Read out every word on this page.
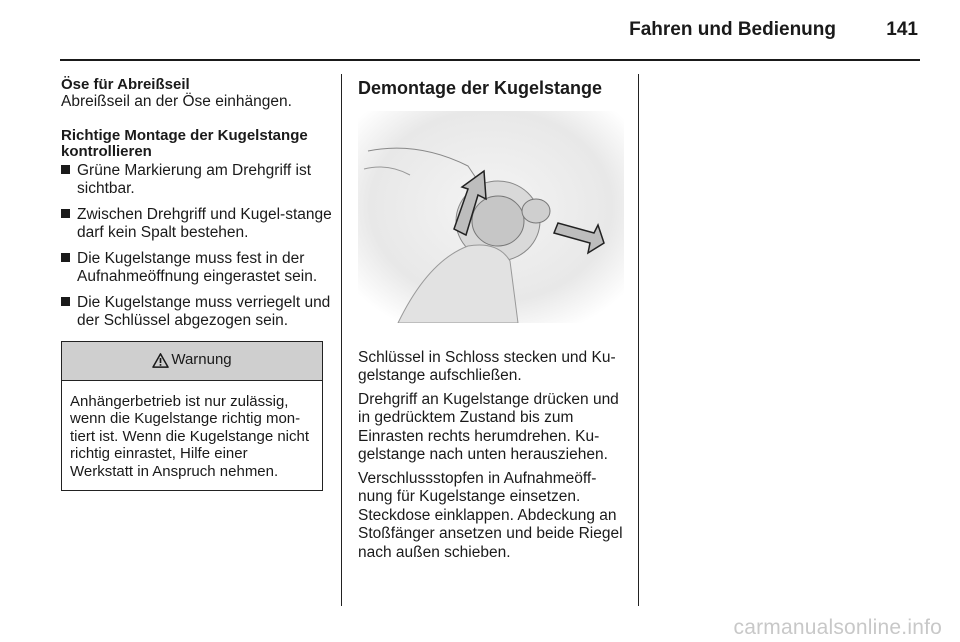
Fahren und Bedienung	141
Öse für Abreißseil

Abreißseil an der Öse einhängen.

Richtige Montage der Kugelstange kontrollieren
Grüne Markierung am Drehgriff ist sichtbar.
Zwischen Drehgriff und Kugel-stange darf kein Spalt bestehen.
Die Kugelstange muss fest in der Aufnahmeöffnung eingerastet sein.
Die Kugelstange muss verriegelt und der Schlüssel abgezogen sein.
Warnung
Anhängerbetrieb ist nur zulässig, wenn die Kugelstange richtig mon-tiert ist. Wenn die Kugelstange nicht richtig einrastet, Hilfe einer Werkstatt in Anspruch nehmen.
Demontage der Kugelstange

Schlüssel in Schloss stecken und Ku-gelstange aufschließen.

Drehgriff an Kugelstange drücken und in gedrücktem Zustand bis zum Einrasten rechts herumdrehen. Ku-gelstange nach unten herausziehen.

Verschlussstopfen in Aufnahmeöff-nung für Kugelstange einsetzen. Steckdose einklappen. Abdeckung an Stoßfänger ansetzen und beide Riegel nach außen schieben.

carmanualsonline.info
